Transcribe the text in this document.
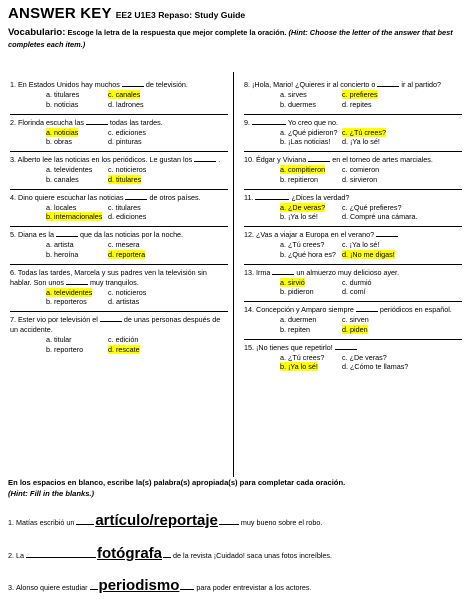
ANSWER KEY EE2 U1E3 Repaso: Study Guide
Vocabulario: Escoge la letra de la respuesta que mejor complete la oración. (Hint: Choose the letter of the answer that best completes each item.)
1. En Estados Unidos hay muchos	de televisión.
a. titulares	c. canales
b. noticias	d. ladrones
2. Florinda escucha las	todas las tardes.
a. noticias	c. ediciones
b. obras	d. pinturas
3. Alberto lee las noticias en los periódicos. Le gustan los	.
a. televidentes	c. noticieros
b. canales	d. titulares
4. Dino quiere escuchar las noticias	de otros países.
a. locales	c. titulares
b. internacionales d. ediciones
5. Diana es la	que da las noticias por la noche.
a. artista	c. mesera
b. heroína	d. reportera
6. Todas las tardes, Marcela y sus padres ven la televisión sin hablar. Son unos	muy tranquilos.
a. televidentes	c. noticieros
b. reporteros	d. artistas
7. Ester vio por televisión el	de unas personas después de un accidente.
a. titular	c. edición
b. reportero	d. rescate
8. ¡Hola, Mario! ¿Quieres ir al concierto o	ir al partido?
a. sirves	c. prefieres
b. duermes	d. repites
9.	Yo creo que no.
a. ¿Qué pidieron? c. ¿Tú crees?
b. ¡Las noticias!	d. ¡Ya lo sé!
10. Édgar y Viviana	en el torneo de artes marciales.
a. compitieron	c. comieron
b. repitieron	d. sirvieron
11.	¿Dices la verdad?
a. ¿De veras?	c. ¿Qué prefieres?
b. ¡Ya lo sé!	d. Compré una cámara.
12. ¿Vas a viajar a Europa en el verano?
a. ¿Tú crees?	c. ¡Ya lo sé!
b. ¿Qué hora es? d. ¡No me digas!
13. Irma	un almuerzo muy delicioso ayer.
a. sirvió	c. durmió
b. pidieron	d. comí
14. Concepción y Amparo siempre	periódicos en español.
a. duermen	c. sirven
b. repiten	d. piden
15. ¡No tienes que repetirlo!
a. ¿Tú crees?	c. ¿De veras?
b. ¡Ya lo sé!	d. ¿Cómo te llamas?
En los espacios en blanco, escribe la(s) palabra(s) apropiada(s) para completar cada oración.
(Hint: Fill in the blanks.)
1. Matías escribió un artículo/reportaje	muy bueno sobre el robo.
2. La	fotógrafa de la revista ¡Cuidado! saca unas fotos increíbles.
3. Alonso quiere estudiar periodismo para poder entrevistar a los actores.
